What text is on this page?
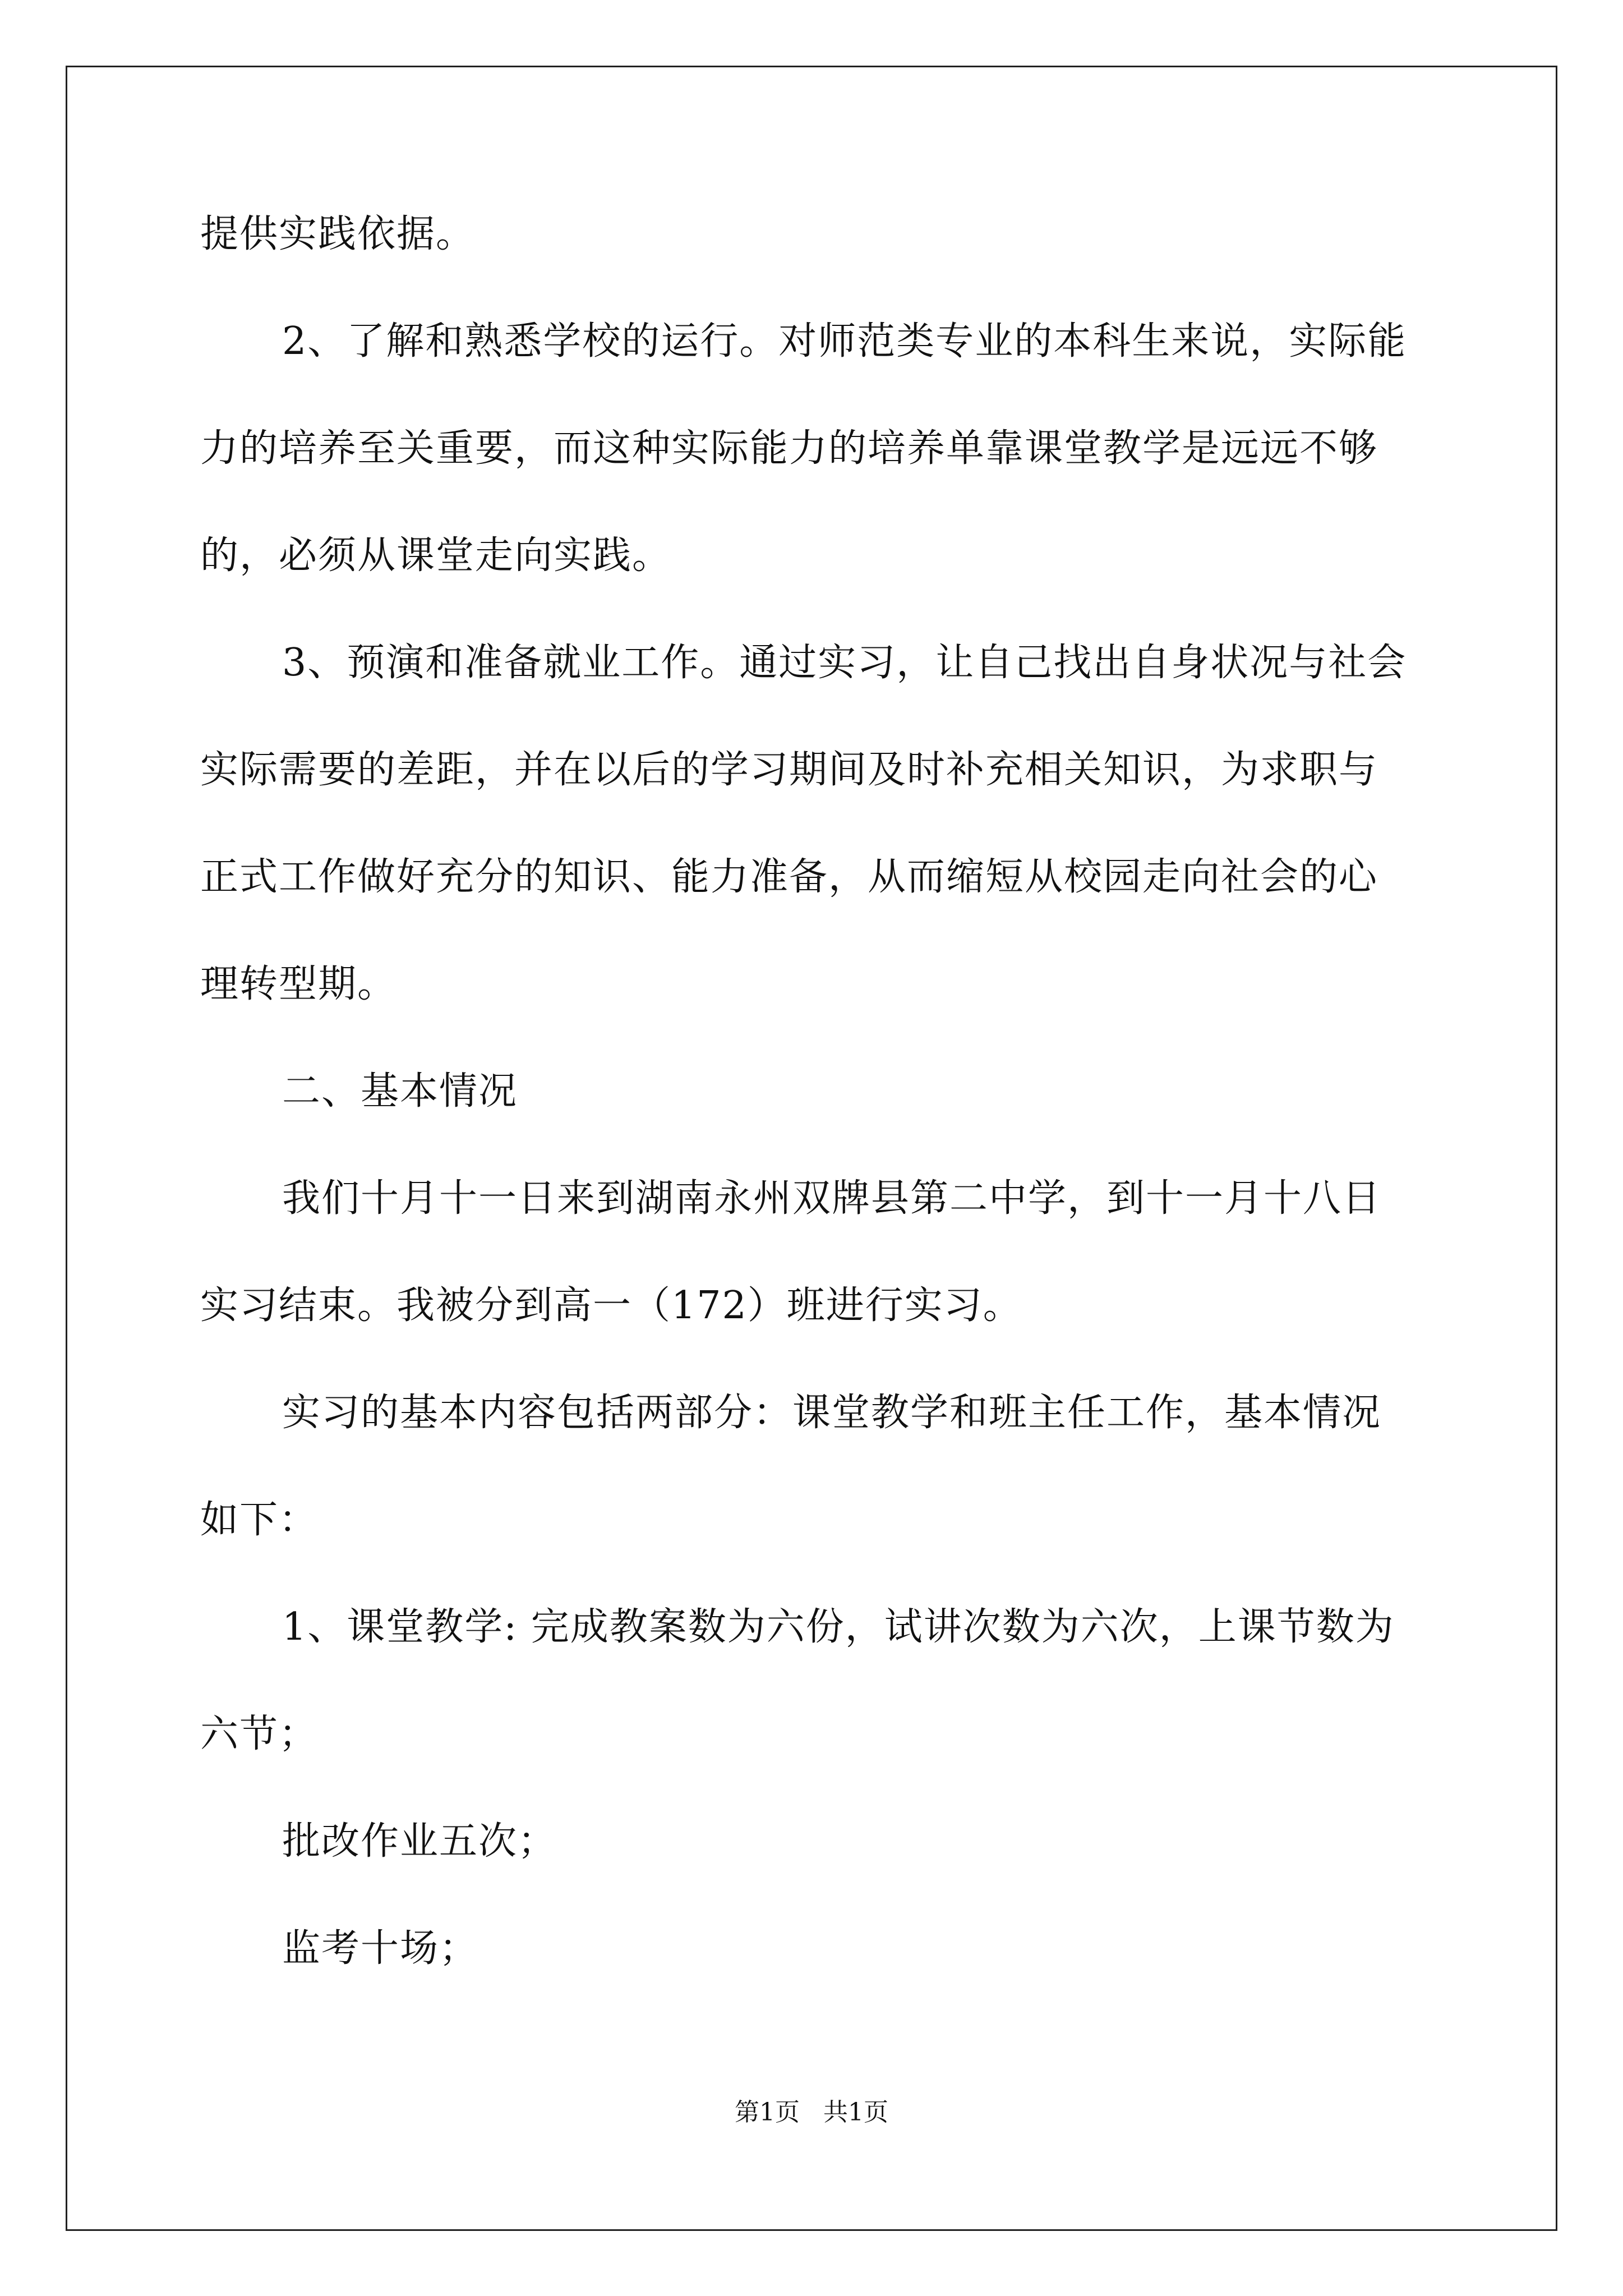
提供实践依据。
2、了解和熟悉学校的运行。对师范类专业的本科生来说，实际能
力的培养至关重要，而这种实际能力的培养单靠课堂教学是远远不够
的，必须从课堂走向实践。
3、预演和准备就业工作。通过实习，让自己找出自身状况与社会
实际需要的差距，并在以后的学习期间及时补充相关知识，为求职与
正式工作做好充分的知识、能力准备，从而缩短从校园走向社会的心
理转型期。
二、基本情况
我们十月十一日来到湖南永州双牌县第二中学，到十一月十八日
实习结束。我被分到高一（172）班进行实习。
实习的基本内容包括两部分：课堂教学和班主任工作，基本情况
如下：
1、课堂教学: 完成教案数为六份，试讲次数为六次，上课节数为
六节；
批改作业五次；
监考十场；
第1页 共1页
